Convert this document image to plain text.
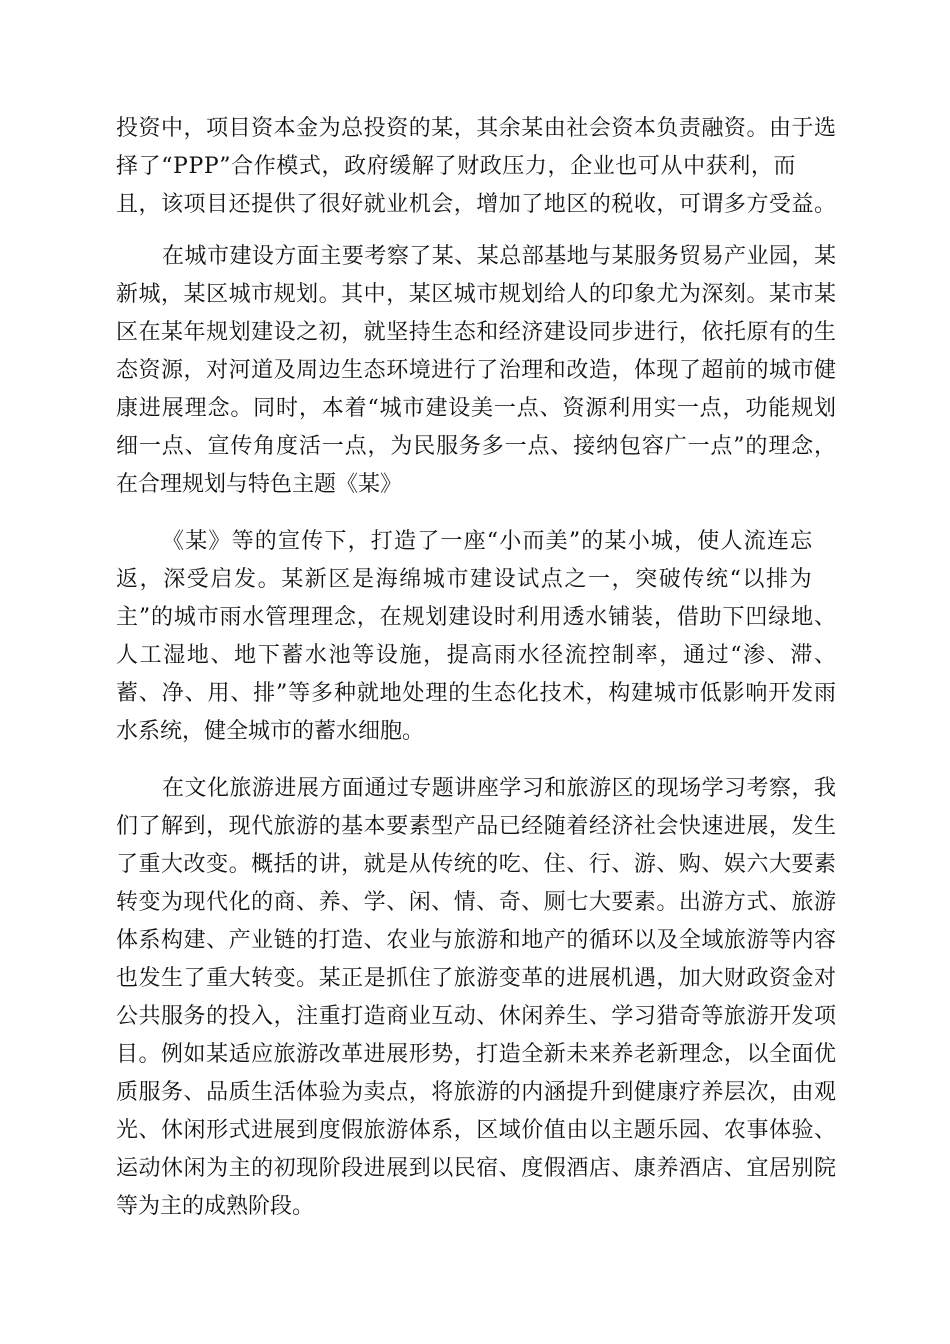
投资中，项目资本金为总投资的某，其余某由社会资本负责融资。由于选
择了“PPP”合作模式，政府缓解了财政压力，企业也可从中获利，而
且，该项目还提供了很好就业机会，增加了地区的税收，可谓多方受益。
在城市建设方面主要考察了某、某总部基地与某服务贸易产业园，某
新城，某区城市规划。其中，某区城市规划给人的印象尤为深刻。某市某
区在某年规划建设之初，就坚持生态和经济建设同步进行，依托原有的生
态资源，对河道及周边生态环境进行了治理和改造，体现了超前的城市健
康进展理念。同时，本着“城市建设美一点、资源利用实一点，功能规划
细一点、宣传角度活一点，为民服务多一点、接纳包容广一点”的理念，
在合理规划与特色主题《某》
《某》等的宣传下，打造了一座“小而美”的某小城，使人流连忘
返，深受启发。某新区是海绵城市建设试点之一，突破传统“以排为
主”的城市雨水管理理念，在规划建设时利用透水铺装，借助下凹绿地、
人工湿地、地下蓄水池等设施，提高雨水径流控制率，通过“渗、滞、
蓄、净、用、排”等多种就地处理的生态化技术，构建城市低影响开发雨
水系统，健全城市的蓄水细胞。
在文化旅游进展方面通过专题讲座学习和旅游区的现场学习考察，我
们了解到，现代旅游的基本要素型产品已经随着经济社会快速进展，发生
了重大改变。概括的讲，就是从传统的吃、住、行、游、购、娱六大要素
转变为现代化的商、养、学、闲、情、奇、厕七大要素。出游方式、旅游
体系构建、产业链的打造、农业与旅游和地产的循环以及全域旅游等内容
也发生了重大转变。某正是抓住了旅游变革的进展机遇，加大财政资金对
公共服务的投入，注重打造商业互动、休闲养生、学习猎奇等旅游开发项
目。例如某适应旅游改革进展形势，打造全新未来养老新理念，以全面优
质服务、品质生活体验为卖点，将旅游的内涵提升到健康疗养层次，由观
光、休闲形式进展到度假旅游体系，区域价值由以主题乐园、农事体验、
运动休闲为主的初现阶段进展到以民宿、度假酒店、康养酒店、宜居别院
等为主的成熟阶段。
